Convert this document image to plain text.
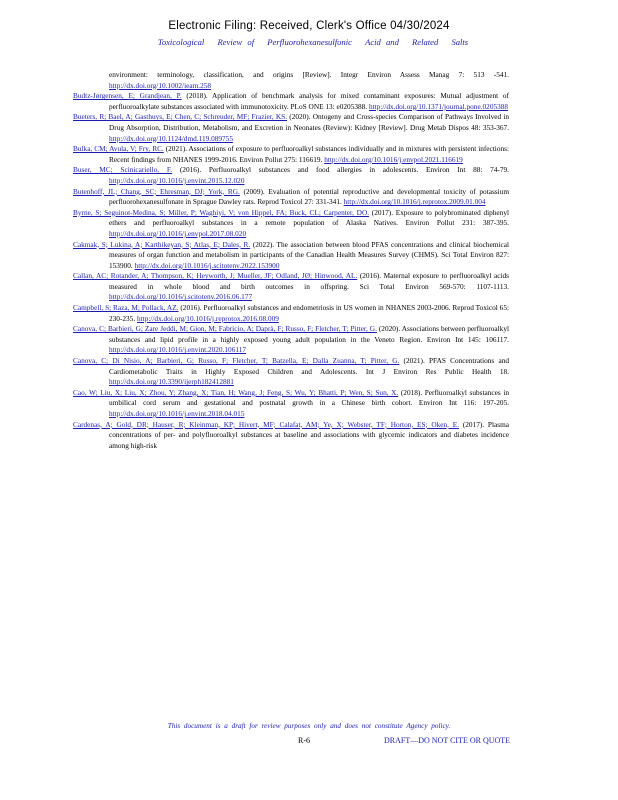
Electronic Filing: Received, Clerk's Office 04/30/2024
Toxicological Review of Perfluorohexanesulfonic Acid and Related Salts

environment: terminology, classification, and origins [Review]. Integr Environ Assess Manag 7: 513 -541. http://dx.doi.org/10.1002/ieam.258

Budtz-Jørgensen, E; Grandjean, P. (2018). Application of benchmark analysis for mixed contaminant exposures: Mutual adjustment of perfluoroalkylate substances associated with immunotoxicity. PLoS ONE 13: e0205388. http://dx.doi.org/10.1371/journal.pone.0205388

Bueters, R; Bael, A; Gasthuys, E; Chen, C; Schreuder, MF; Frazier, KS. (2020). Ontogeny and Cross-species Comparison of Pathways Involved in Drug Absorption, Distribution, Metabolism, and Excretion in Neonates (Review): Kidney [Review]. Drug Metab Dispos 48: 353-367. http://dx.doi.org/10.1124/dmd.119.089755

Bulka, CM; Avula, V; Fry, RC. (2021). Associations of exposure to perfluoroalkyl substances individually and in mixtures with persistent infections: Recent findings from NHANES 1999-2016. Environ Pollut 275: 116619. http://dx.doi.org/10.1016/j.envpol.2021.116619

Buser, MC; Scinicariello, F. (2016). Perfluoroalkyl substances and food allergies in adolescents. Environ Int 88: 74-79. http://dx.doi.org/10.1016/j.envint.2015.12.020

Butenhoff, JL; Chang, SC; Ehresman, DJ; York, RG. (2009). Evaluation of potential reproductive and developmental toxicity of potassium perfluorohexanesulfonate in Sprague Dawley rats. Reprod Toxicol 27: 331-341. http://dx.doi.org/10.1016/j.reprotox.2009.01.004

Byrne, S; Seguinot-Medina, S; Miller, P; Waghiyi, V; von Hippel, FA; Buck, CL; Carpenter, DO. (2017). Exposure to polybrominated diphenyl ethers and perfluoroalkyl substances in a remote population of Alaska Natives. Environ Pollut 231: 387-395. http://dx.doi.org/10.1016/j.envpol.2017.08.020

Cakmak, S; Lukina, A; Karthikeyan, S; Atlas, E; Dales, R. (2022). The association between blood PFAS concentrations and clinical biochemical measures of organ function and metabolism in participants of the Canadian Health Measures Survey (CHMS). Sci Total Environ 827: 153900. http://dx.doi.org/10.1016/j.scitotenv.2022.153900

Callan, AC; Rotander, A; Thompson, K; Heyworth, J; Mueller, JF; Odland, JØ; Hinwood, AL. (2016). Maternal exposure to perfluoroalkyl acids measured in whole blood and birth outcomes in offspring. Sci Total Environ 569-570: 1107-1113. http://dx.doi.org/10.1016/j.scitotenv.2016.06.177

Campbell, S; Raza, M; Pollack, AZ. (2016). Perfluoroalkyl substances and endometriosis in US women in NHANES 2003-2006. Reprod Toxicol 65: 230-235. http://dx.doi.org/10.1016/j.reprotox.2016.08.009

Canova, C; Barbieri, G; Zare Jeddi, M; Gion, M; Fabricio, A; Daprà, F; Russo, F; Fletcher, T; Pitter, G. (2020). Associations between perfluoroalkyl substances and lipid profile in a highly exposed young adult population in the Veneto Region. Environ Int 145: 106117. http://dx.doi.org/10.1016/j.envint.2020.106117

Canova, C; Di Nisio, A; Barbieri, G; Russo, F; Fletcher, T; Batzella, E; Dalla Zuanna, T; Pitter, G. (2021). PFAS Concentrations and Cardiometabolic Traits in Highly Exposed Children and Adolescents. Int J Environ Res Public Health 18. http://dx.doi.org/10.3390/ijerph182412881

Cao, W; Liu, X; Liu, X; Zhou, Y; Zhang, X; Tian, H; Wang, J; Feng, S; Wu, Y; Bhatti, P; Wen, S; Sun, X. (2018). Perfluoroalkyl substances in umbilical cord serum and gestational and postnatal growth in a Chinese birth cohort. Environ Int 116: 197-205. http://dx.doi.org/10.1016/j.envint.2018.04.015

Cardenas, A; Gold, DR; Hauser, R; Kleinman, KP; Hivert, MF; Calafat, AM; Ye, X; Webster, TF; Horton, ES; Oken, E. (2017). Plasma concentrations of per- and polyfluoroalkyl substances at baseline and associations with glycemic indicators and diabetes incidence among high-risk

This document is a draft for review purposes only and does not constitute Agency policy.
R-6	DRAFT—DO NOT CITE OR QUOTE
